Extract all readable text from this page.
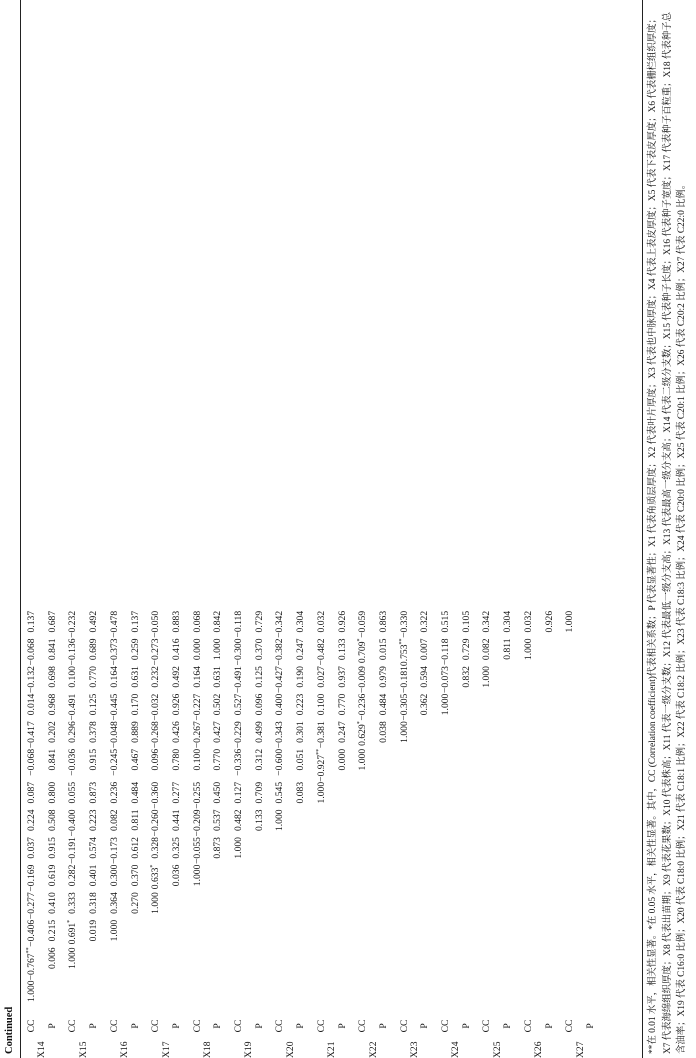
Continued X14	CC		1.000	−0.767**	−0.406	−0.277	−0.169	0.037	0.224	0.087	−0.068	−0.417	0.014	−0.132	−0.068	0.137
	P			0.006	0.215	0.410	0.619	0.915	0.508	0.800	0.841	0.202	0.968	0.698	0.841	0.687
X15	CC			1.000	0.691*	0.333	0.282	−0.191	−0.400	0.055	−0.036	0.296	−0.491	0.100	−0.136	−0.232
	P				0.019	0.318	0.401	0.574	0.223	0.873	0.915	0.378	0.125	0.770	0.689	0.492
X16	CC				1.000	0.364	0.300	−0.173	0.082	0.236	−0.245	−0.048	−0.445	0.164	−0.373	−0.478
	P					0.270	0.370	0.612	0.811	0.484	0.467	0.889	0.170	0.631	0.259	0.137
X17	CC					1.000	0.633*	0.328	−0.260	−0.360	0.096	−0.268	−0.032	0.232	−0.273	−0.050
	P						0.036	0.325	0.441	0.277	0.780	0.426	0.926	0.492	0.416	0.883
X18	CC						1.000	−0.055	−0.209	−0.255	0.100	−0.267	−0.227	0.164	0.000	0.068
	P							0.873	0.537	0.450	0.770	0.427	0.502	0.631	1.000	0.842
X19	CC							1.000	0.482	0.127	−0.336	−0.229	0.527	−0.491	−0.300	−0.118
	P								0.133	0.709	0.312	0.499	0.096	0.125	0.370	0.729
X20	CC								1.000	0.545	−0.600	−0.343	0.400	−0.427	−0.382	−0.342
	P									0.083	0.051	0.301	0.223	0.190	0.247	0.304
X21	CC									1.000	−0.927**	−0.381	0.100	0.027	−0.482	0.032
	P										0.000	0.247	0.770	0.937	0.133	0.926
X22	CC										1.000	0.629*	−0.236	−0.009	0.709*	−0.059
	P											0.038	0.484	0.979	0.015	0.863
X23	CC											1.000	−0.305	−0.181	0.753**	−0.330
	P												0.362	0.594	0.007	0.322
X24	CC												1.000	−0.073	−0.118	0.515
	P													0.832	0.729	0.105
X25	CC													1.000	0.082	0.342
	P														0.811	0.304
X26	CC														1.000	0.032
	P															0.926
X27	CC															1.000
	P																**在 0.01 水平，相关性显著。*在 0.05 水平，相关性显著。其中，CC (Correlation coefficient)代表相关系数；P 代表显著性；X1 代表角质层厚度；X2 代表叶片厚度；X3 代表也中脉厚度；X4 代表上表皮厚度；X5 代表下表皮厚度；X6 代表栅栏组织厚度；X7 代表海绵组织厚度；X8 代表出苗期；X9 代表花果数；X10 代表株高；X11 代表一级分支数；X12 代表最低一级分支高；X13 代表最高一级分支高；X14 代表二级分支数；X15 代表种子长度；X16 代表种子宽度；X17 代表种子百粒重；X18 代表种子总含油率；X19 代表 C16:0 比例；X20 代表 C18:0 比例；X21 代表 C18:1 比例；X22 代表 C18:2 比例；X23 代表 C18:3 比例；X24 代表 C20:0 比例；X25 代表 C20:1 比例；X26 代表 C20:2 比例；X27 代表 C22:0 比例。
